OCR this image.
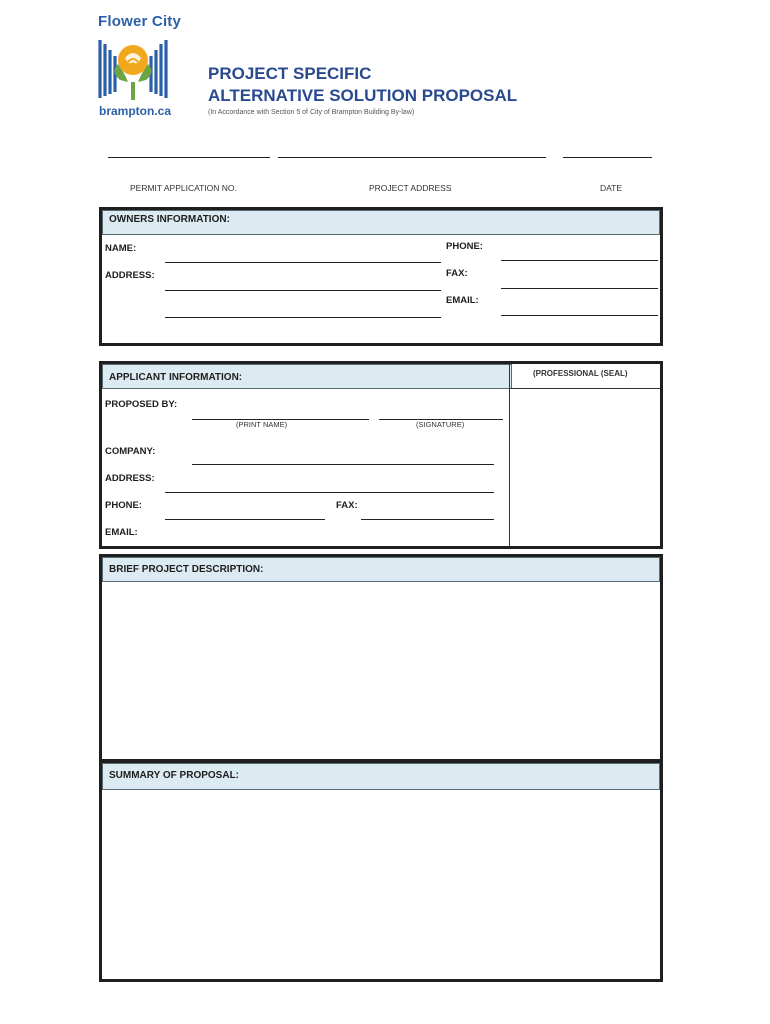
Flower City
brampton.ca
PROJECT SPECIFIC
ALTERNATIVE SOLUTION PROPOSAL
(In Accordance with Section 5 of City of Brampton Building By-law)
PERMIT APPLICATION NO.	PROJECT ADDRESS	DATE
OWNERS INFORMATION:
NAME:
ADDRESS:
PHONE:
FAX:
EMAIL:
APPLICANT INFORMATION:	(PROFESSIONAL (SEAL)
PROPOSED BY:
(PRINT NAME)	(SIGNATURE)
COMPANY:
ADDRESS:
PHONE:	FAX:
EMAIL:
BRIEF PROJECT DESCRIPTION:
SUMMARY OF PROPOSAL:
